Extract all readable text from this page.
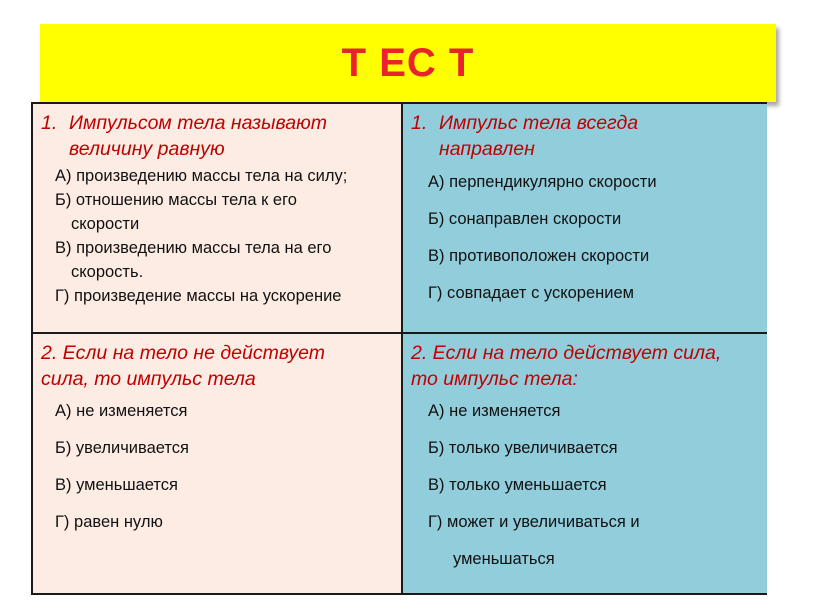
Т ЕС Т

1. Импульсом тела называют
величину равную

А) произведению массы тела на силу;
Б) отношению массы тела к его
скорости
В) произведению массы тела на его
скорость.
Г) произведение массы на ускорение

1. Импульс тела всегда
направлен

А) перпендикулярно скорости
Б) сонаправлен скорости
В) противоположен скорости
Г) совпадает с ускорением

2. Если на тело не действует
сила, то импульс тела

А) не изменяется
Б) увеличивается
В) уменьшается
Г) равен нулю

2. Если на тело действует сила,
то импульс тела:

А) не изменяется
Б) только увеличивается
В) только уменьшается
Г) может и увеличиваться и
уменьшаться
